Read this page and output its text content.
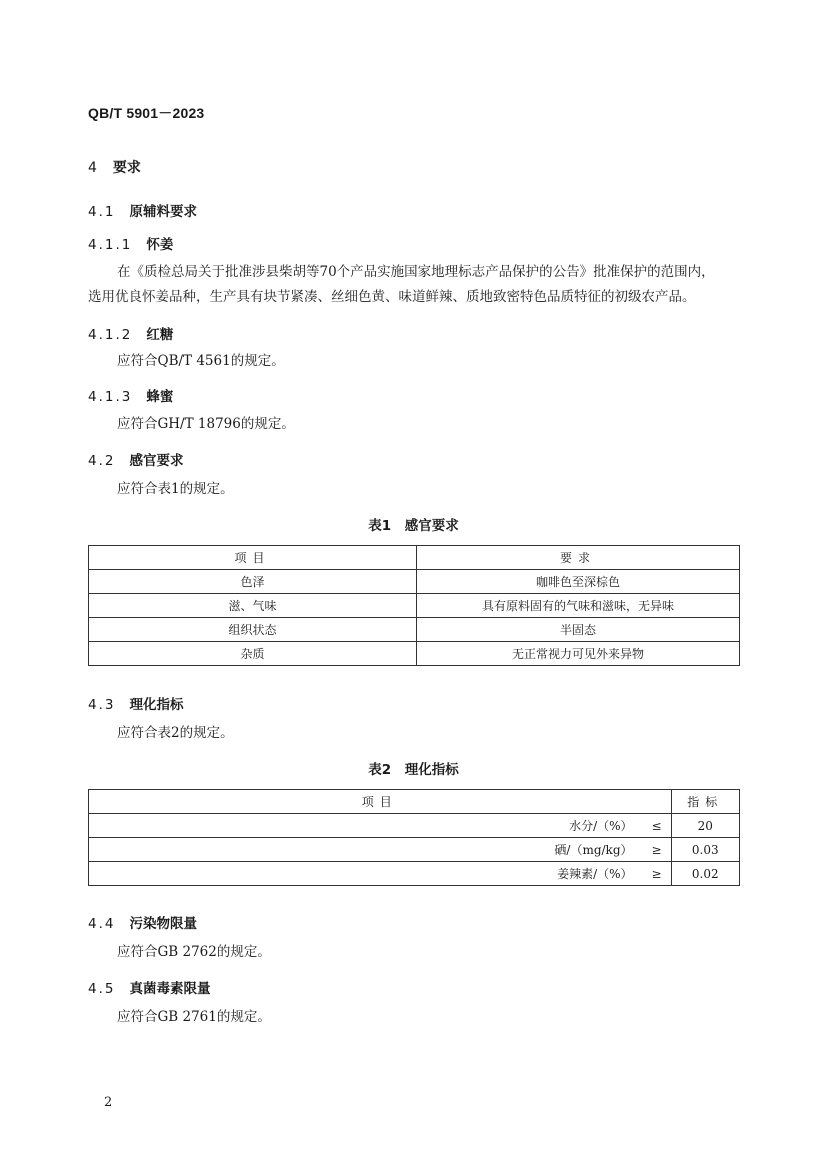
QB/T 5901－2023
4 要求
4.1 原辅料要求
4.1.1 怀姜
在《质检总局关于批准涉县柴胡等70个产品实施国家地理标志产品保护的公告》批准保护的范围内，
选用优良怀姜品种，生产具有块节紧凑、丝细色黄、味道鲜辣、质地致密特色品质特征的初级农产品。
4.1.2 红糖
应符合QB/T 4561的规定。
4.1.3 蜂蜜
应符合GH/T 18796的规定。
4.2 感官要求
应符合表1的规定。
表1　感官要求
项目	要求
色泽	咖啡色至深棕色
滋、气味	具有原料固有的气味和滋味，无异味
组织状态	半固态
杂质	无正常视力可见外来异物
4.3 理化指标
应符合表2的规定。
表2　理化指标
项目		指标
水分/（%）	≤	20
硒/（mg/kg）	≥	0.03
姜辣素/（%）	≥	0.02
4.4 污染物限量
应符合GB 2762的规定。
4.5 真菌毒素限量
应符合GB 2761的规定。
2
